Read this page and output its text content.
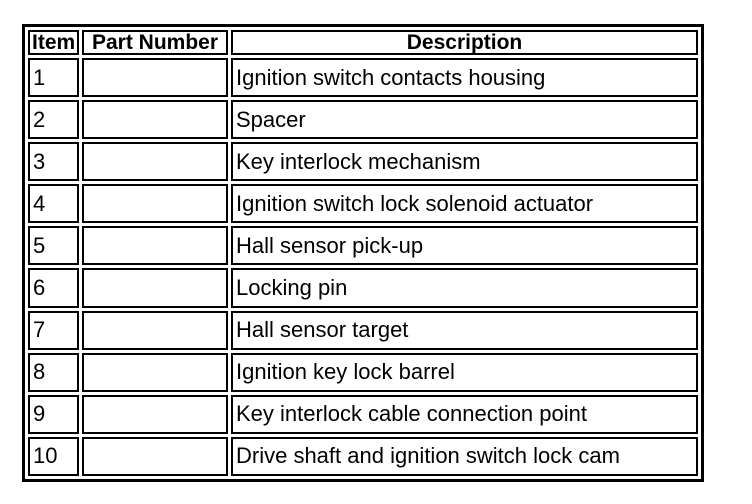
Item	Part Number	Description
1		Ignition switch contacts housing
2		Spacer
3		Key interlock mechanism
4		Ignition switch lock solenoid actuator
5		Hall sensor pick-up
6		Locking pin
7		Hall sensor target
8		Ignition key lock barrel
9		Key interlock cable connection point
10		Drive shaft and ignition switch lock cam
